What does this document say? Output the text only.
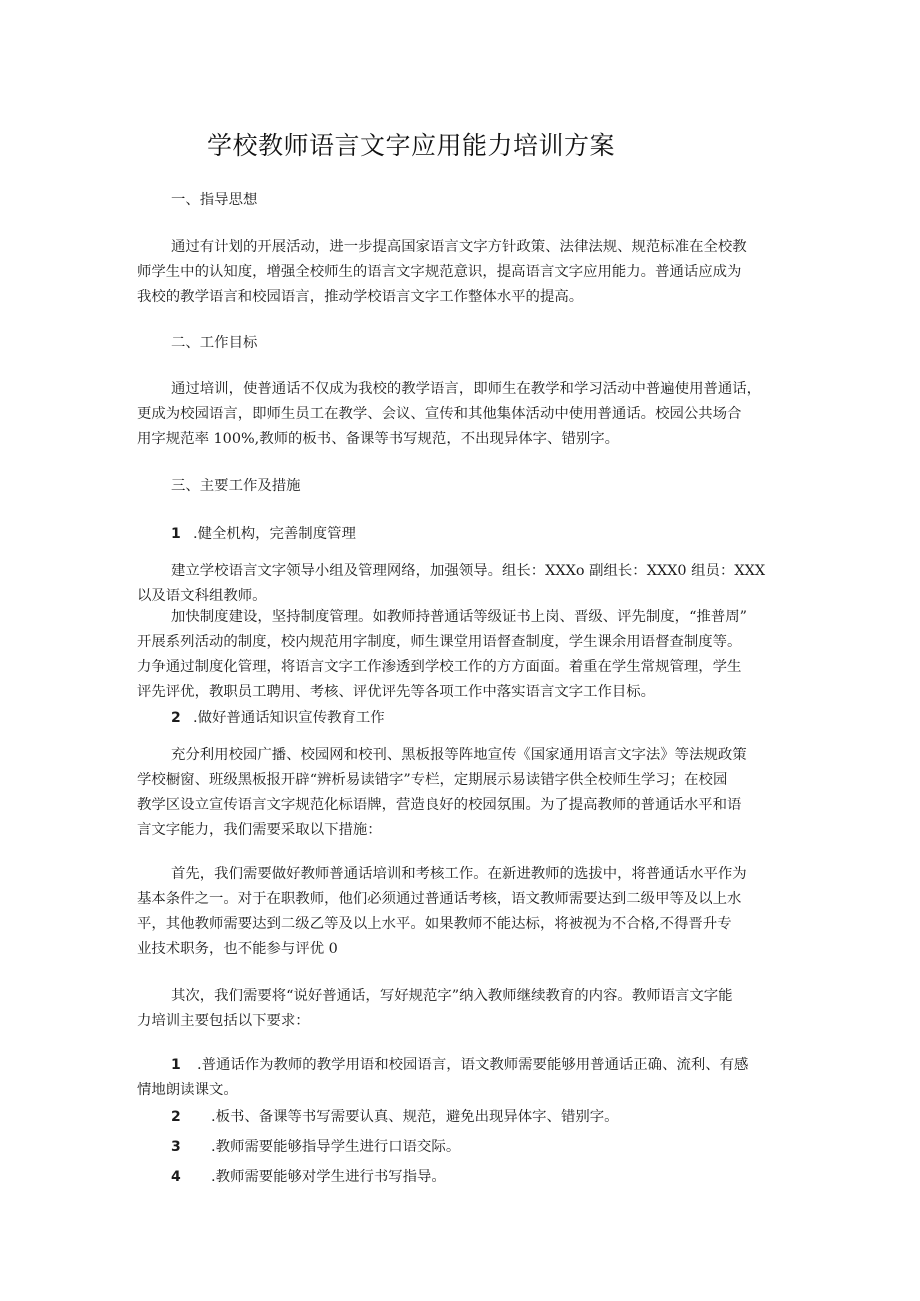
学校教师语言文字应用能力培训方案
一、指导思想
通过有计划的开展活动，进一步提高国家语言文字方针政策、法律法规、规范标准在全校教
师学生中的认知度，增强全校师生的语言文字规范意识，提高语言文字应用能力。普通话应成为
我校的教学语言和校园语言，推动学校语言文字工作整体水平的提高。
二、工作目标
通过培训，使普通话不仅成为我校的教学语言，即师生在教学和学习活动中普遍使用普通话，
更成为校园语言，即师生员工在教学、会议、宣传和其他集体活动中使用普通话。校园公共场合
用字规范率 100%,教师的板书、备课等书写规范，不出现异体字、错别字。
三、主要工作及措施
1 .健全机构，完善制度管理
建立学校语言文字领导小组及管理网络，加强领导。组长：XXXo 副组长：XXX0 组员：XXX
以及语文科组教师。
加快制度建设，坚持制度管理。如教师持普通话等级证书上岗、晋级、评先制度，“推普周”
开展系列活动的制度，校内规范用字制度，师生课堂用语督查制度，学生课余用语督查制度等。
力争通过制度化管理，将语言文字工作渗透到学校工作的方方面面。着重在学生常规管理，学生
评先评优，教职员工聘用、考核、评优评先等各项工作中落实语言文字工作目标。
2 .做好普通话知识宣传教育工作
充分利用校园广播、校园网和校刊、黑板报等阵地宣传《国家通用语言文字法》等法规政策
学校橱窗、班级黑板报开辟“辨析易读错字”专栏，定期展示易读错字供全校师生学习；在校园
教学区设立宣传语言文字规范化标语牌，营造良好的校园氛围。为了提高教师的普通话水平和语
言文字能力，我们需要采取以下措施：
首先，我们需要做好教师普通话培训和考核工作。在新进教师的选拔中，将普通话水平作为
基本条件之一。对于在职教师，他们必须通过普通话考核，语文教师需要达到二级甲等及以上水
平，其他教师需要达到二级乙等及以上水平。如果教师不能达标，将被视为不合格,不得晋升专
业技术职务，也不能参与评优 0
其次，我们需要将“说好普通话，写好规范字”纳入教师继续教育的内容。教师语言文字能
力培训主要包括以下要求：
1 .普通话作为教师的教学用语和校园语言，语文教师需要能够用普通话正确、流利、有感
情地朗读课文。
2 .板书、备课等书写需要认真、规范，避免出现异体字、错别字。
3 .教师需要能够指导学生进行口语交际。
4 .教师需要能够对学生进行书写指导。
